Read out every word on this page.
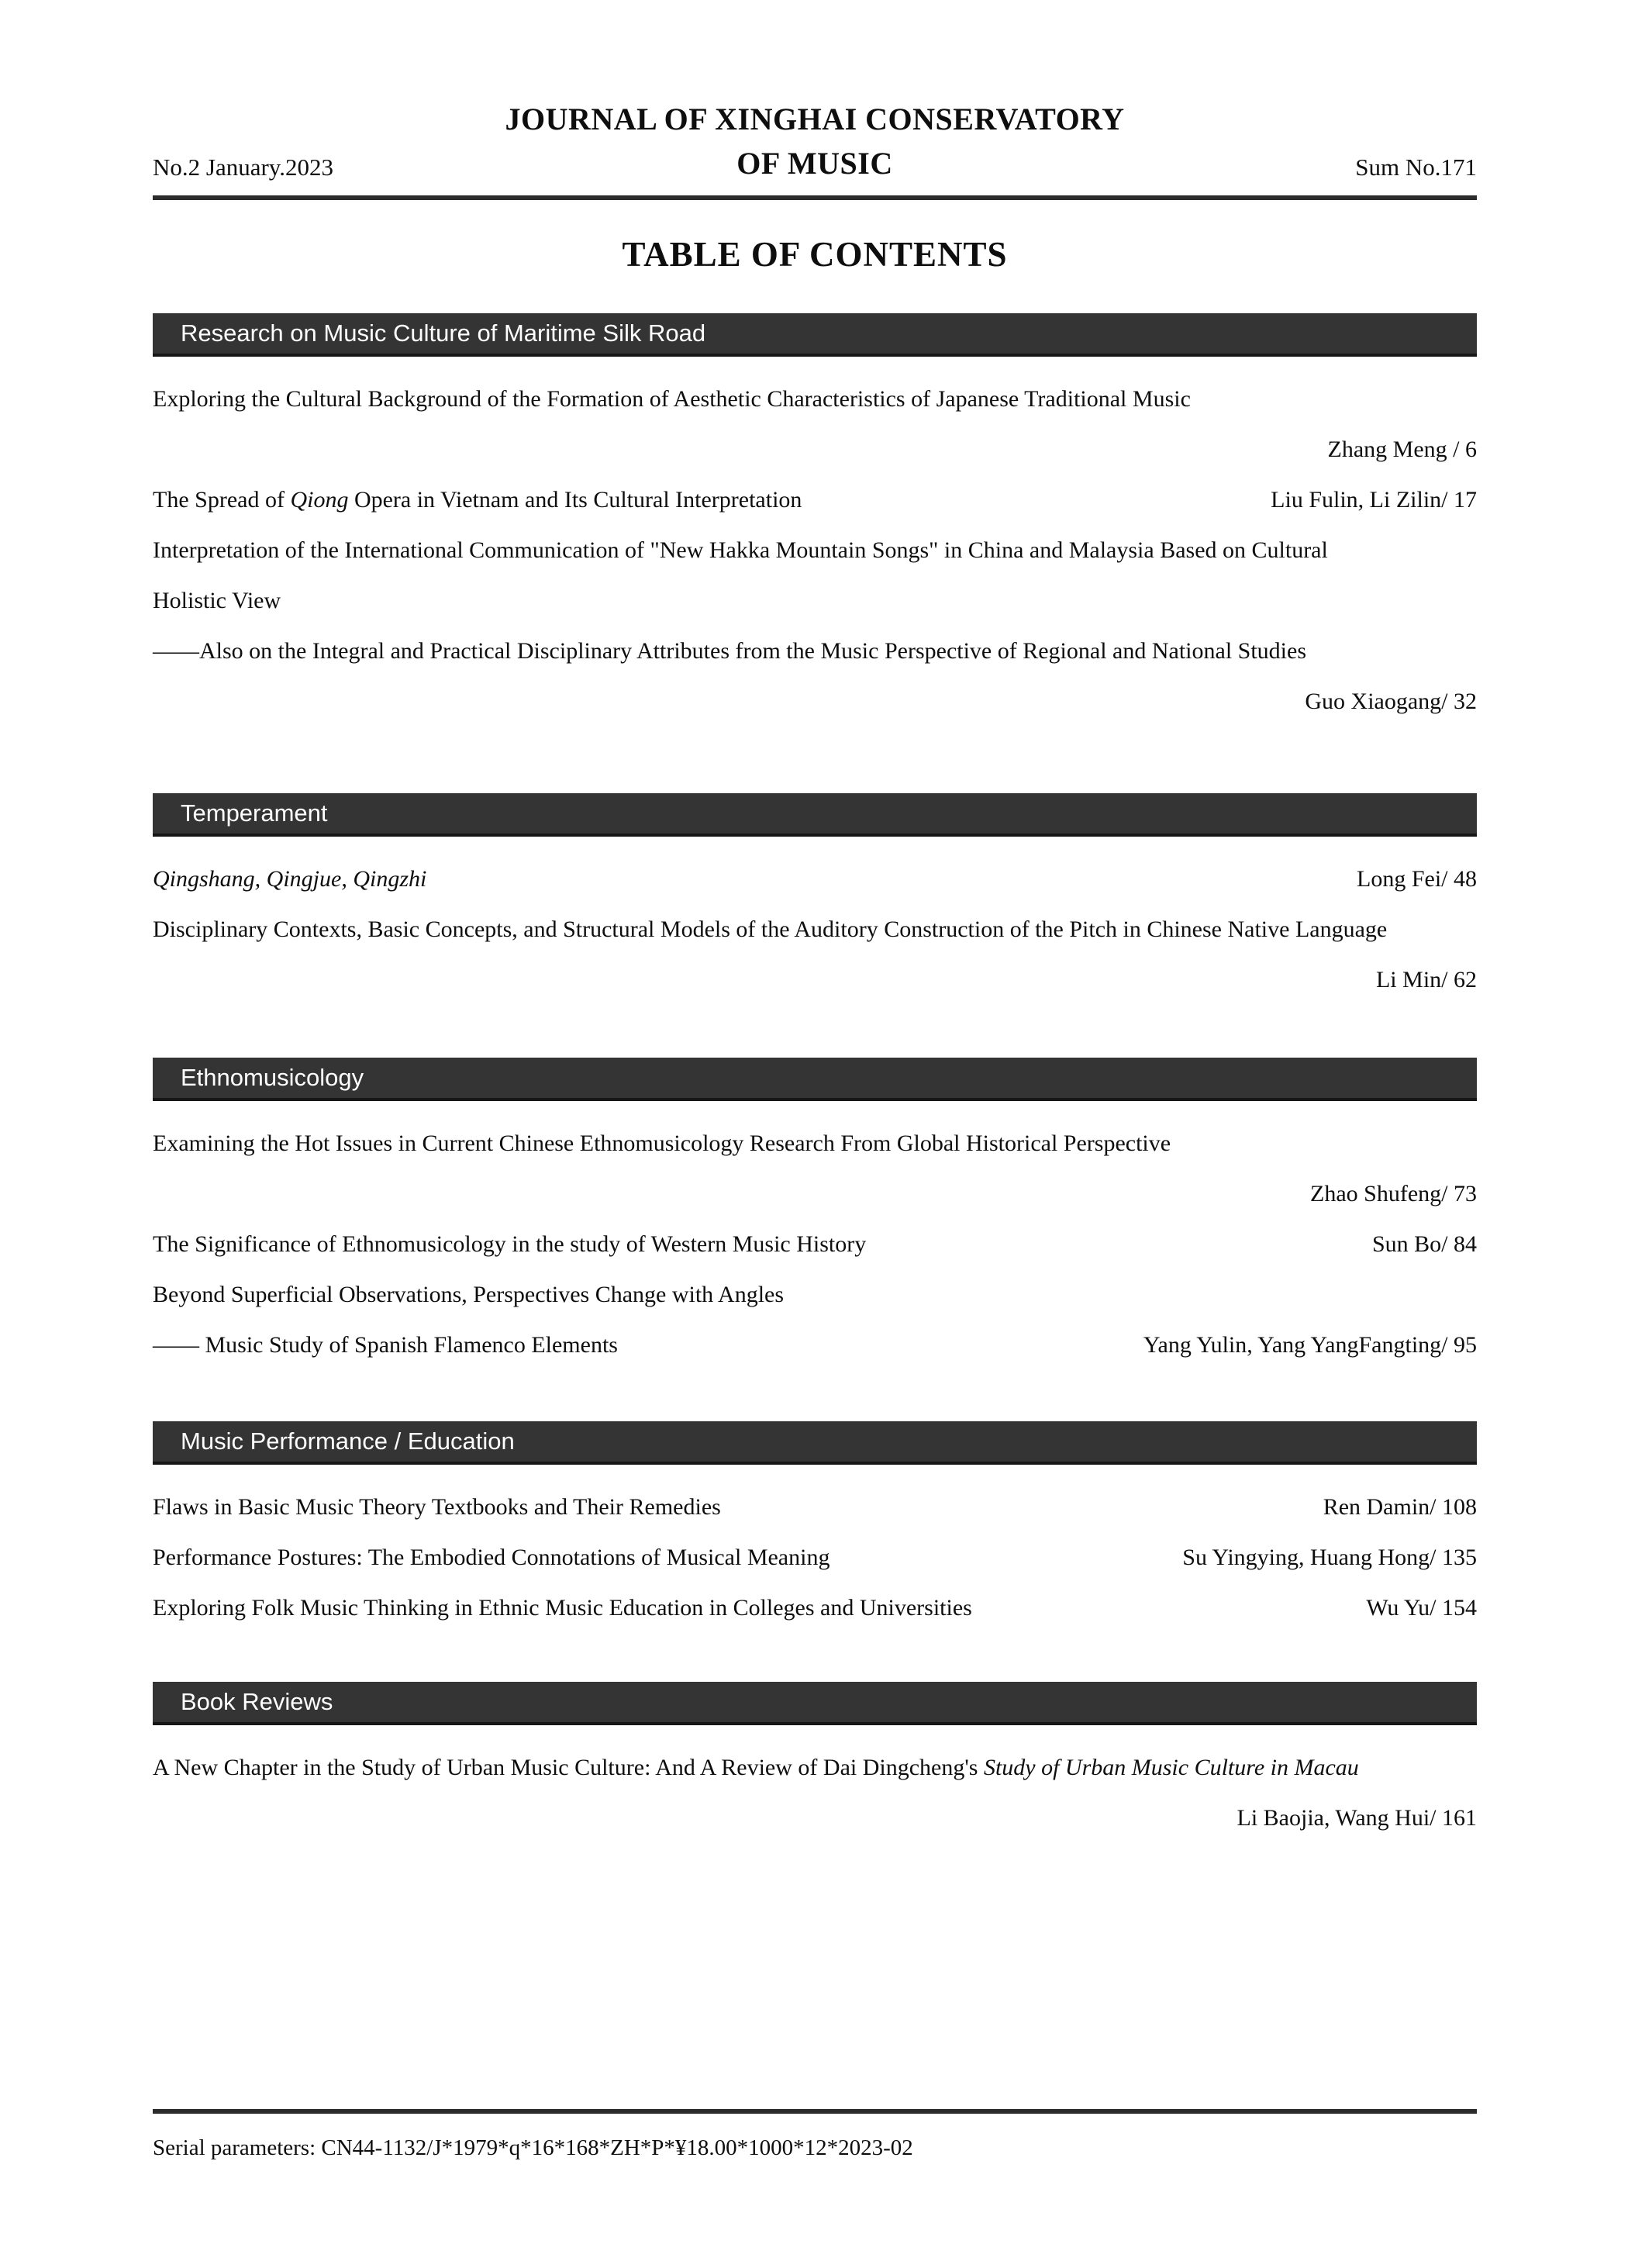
JOURNAL OF XINGHAI CONSERVATORY
OF MUSIC
No.2 January.2023	Sum No.171
TABLE OF CONTENTS
Research on Music Culture of Maritime Silk Road
Exploring the Cultural Background of the Formation of Aesthetic Characteristics of Japanese Traditional Music
Zhang Meng / 6
The Spread of Qiong Opera in Vietnam and Its Cultural Interpretation	Liu Fulin, Li Zilin/ 17
Interpretation of the International Communication of "New Hakka Mountain Songs" in China and Malaysia Based on Cultural
Holistic View
——Also on the Integral and Practical Disciplinary Attributes from the Music Perspective of Regional and National Studies
Guo Xiaogang/ 32
Temperament
Qingshang, Qingjue, Qingzhi	Long Fei/ 48
Disciplinary Contexts, Basic Concepts, and Structural Models of the Auditory Construction of the Pitch in Chinese Native Language
Li Min/ 62
Ethnomusicology
Examining the Hot Issues in Current Chinese Ethnomusicology Research From Global Historical Perspective
Zhao Shufeng/ 73
The Significance of Ethnomusicology in the study of Western Music History	Sun Bo/ 84
Beyond Superficial Observations, Perspectives Change with Angles
—— Music Study of Spanish Flamenco Elements	Yang Yulin, Yang YangFangting/ 95
Music Performance / Education
Flaws in Basic Music Theory Textbooks and Their Remedies	Ren Damin/ 108
Performance Postures: The Embodied Connotations of Musical Meaning	Su Yingying, Huang Hong/ 135
Exploring Folk Music Thinking in Ethnic Music Education in Colleges and Universities	Wu Yu/ 154
Book Reviews
A New Chapter in the Study of Urban Music Culture: And A Review of Dai Dingcheng's Study of Urban Music Culture in Macau
Li Baojia, Wang Hui/ 161
Serial parameters: CN44-1132/J*1979*q*16*168*ZH*P*¥18.00*1000*12*2023-02
